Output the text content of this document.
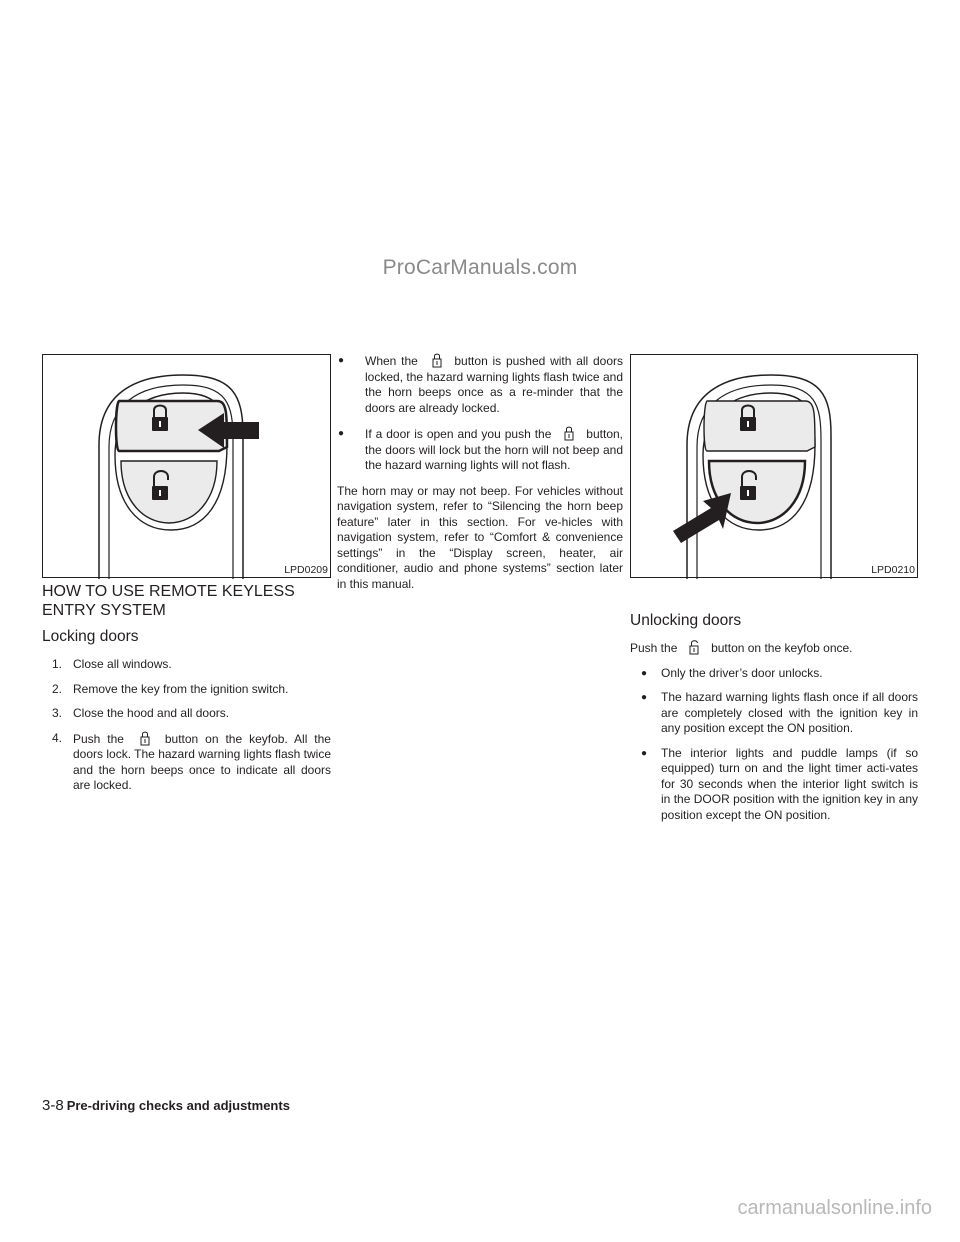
ProCarManuals.com
LPD0209
HOW TO USE REMOTE KEYLESS ENTRY SYSTEM
Locking doors
1. Close all windows.
2. Remove the key from the ignition switch.
3. Close the hood and all doors.
4. Push the	button on the keyfob. All the doors lock. The hazard warning lights flash twice and the horn beeps once to indicate all doors are locked.
● When the	button is pushed with all doors locked, the hazard warning lights flash twice and the horn beeps once as a re-minder that the doors are already locked.
● If a door is open and you push the	button, the doors will lock but the horn will not beep and the hazard warning lights will not flash.

The horn may or may not beep. For vehicles without navigation system, refer to “Silencing the horn beep feature” later in this section. For ve-hicles with navigation system, refer to “Comfort & convenience settings” in the “Display screen, heater, air conditioner, audio and phone systems” section later in this manual.

LPD0210
Unlocking doors
Push the	button on the keyfob once.
● Only the driver’s door unlocks.
● The hazard warning lights flash once if all doors are completely closed with the ignition key in any position except the ON position.
● The interior lights and puddle lamps (if so equipped) turn on and the light timer acti-vates for 30 seconds when the interior light switch is in the DOOR position with the ignition key in any position except the ON position.
3-8 Pre-driving checks and adjustments
carmanualsonline.info
